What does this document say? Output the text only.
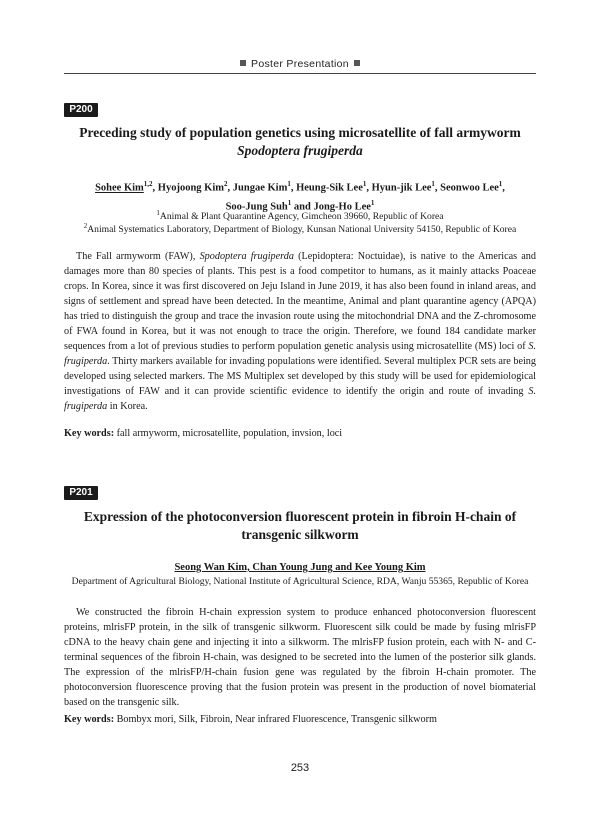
Poster Presentation
P200
Preceding study of population genetics using microsatellite of fall armyworm
Spodoptera frugiperda
Sohee Kim$^{1,2}$, Hyojoong Kim$^2$, Jungae Kim$^1$, Heung-Sik Lee$^1$, Hyun-jik Lee$^1$, Seonwoo Lee$^1$,
Soo-Jung Suh$^1$ and Jong-Ho Lee$^1$
$^1$Animal & Plant Quarantine Agency, Gimcheon 39660, Republic of Korea
$^2$Animal Systematics Laboratory, Department of Biology, Kunsan National University 54150, Republic of Korea

The Fall armyworm (FAW), Spodoptera frugiperda (Lepidoptera: Noctuidae), is native to the Americas and damages more than 80 species of plants. This pest is a food competitor to humans, as it mainly attacks Poaceae crops. In Korea, since it was first discovered on Jeju Island in June 2019, it has also been found in inland areas, and signs of settlement and spread have been detected. In the meantime, Animal and plant quarantine agency (APQA) has tried to distinguish the group and trace the invasion route using the mitochondrial DNA and the Z-chromosome of FWA found in Korea, but it was not enough to trace the origin. Therefore, we found 184 candidate marker sequences from a lot of previous studies to perform population genetic analysis using microsatellite (MS) loci of S. frugiperda. Thirty markers available for invading populations were identified. Several multiplex PCR sets are being developed using selected markers. The MS Multiplex set developed by this study will be used for epidemiological investigations of FAW and it can provide scientific evidence to identify the origin and route of invading S. frugiperda in Korea.

Key words: fall armyworm, microsatellite, population, invsion, loci
P201
Expression of the photoconversion fluorescent protein in fibroin H-chain of
transgenic silkworm
Seong Wan Kim, Chan Young Jung and Kee Young Kim
Department of Agricultural Biology, National Institute of Agricultural Science, RDA, Wanju 55365, Republic of Korea

We constructed the fibroin H-chain expression system to produce enhanced photoconversion fluorescent proteins, mlrisFP protein, in the silk of transgenic silkworm. Fluorescent silk could be made by fusing mlrisFP cDNA to the heavy chain gene and injecting it into a silkworm. The mlrisFP fusion protein, each with N- and C-terminal sequences of the fibroin H-chain, was designed to be secreted into the lumen of the posterior silk glands. The expression of the mlrisFP/H-chain fusion gene was regulated by the fibroin H-chain promoter. The photoconversion fluorescence proving that the fusion protein was present in the production of novel biomaterial based on the transgenic silk.

Key words: Bombyx mori, Silk, Fibroin, Near infrared Fluorescence, Transgenic silkworm
253
